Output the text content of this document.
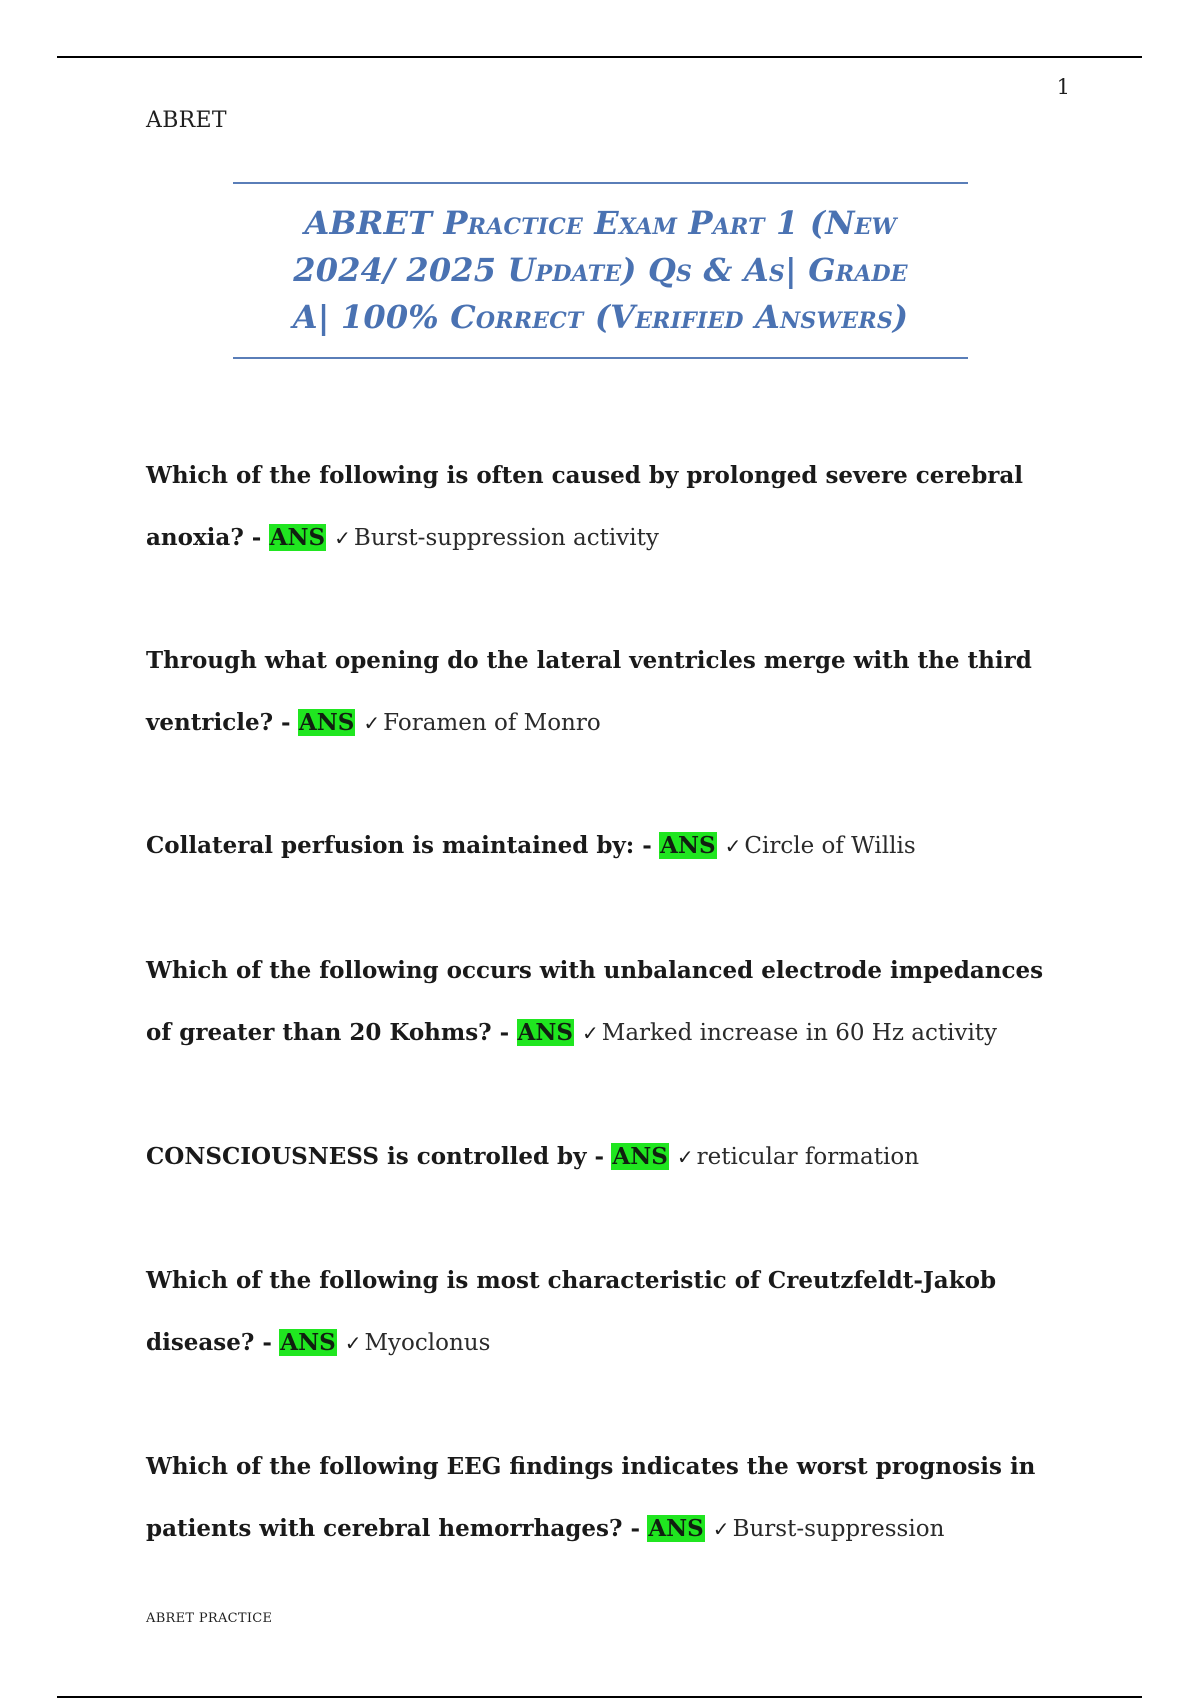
1
ABRET
ABRET Practice Exam Part 1 (New 2024/ 2025 Update) Qs & As| Grade A| 100% Correct (Verified Answers)

Which of the following is often caused by prolonged severe cerebral anoxia? - ANS ✓ Burst-suppression activity

Through what opening do the lateral ventricles merge with the third ventricle? - ANS ✓ Foramen of Monro

Collateral perfusion is maintained by: - ANS ✓ Circle of Willis

Which of the following occurs with unbalanced electrode impedances of greater than 20 Kohms? - ANS ✓ Marked increase in 60 Hz activity

CONSCIOUSNESS is controlled by - ANS ✓ reticular formation

Which of the following is most characteristic of Creutzfeldt-Jakob disease? - ANS ✓ Myoclonus

Which of the following EEG findings indicates the worst prognosis in patients with cerebral hemorrhages? - ANS ✓ Burst-suppression

ABRET PRACTICE
